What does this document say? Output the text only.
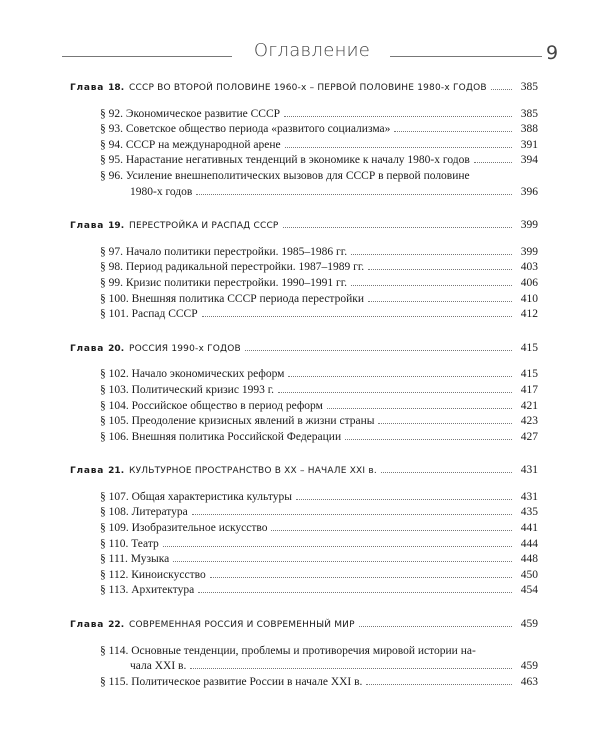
Оглавление	9
Глава 18. СССР ВО ВТОРОЙ ПОЛОВИНЕ 1960-х – ПЕРВОЙ ПОЛОВИНЕ 1980-х ГОДОВ	385
§ 92. Экономическое развитие СССР	385
§ 93. Советское общество периода «развитого социализма»	388
§ 94. СССР на международной арене	391
§ 95. Нарастание негативных тенденций в экономике к началу 1980-х годов	394
§ 96. Усиление внешнеполитических вызовов для СССР в первой половине
1980-х годов	396
Глава 19. ПЕРЕСТРОЙКА И РАСПАД СССР	399
§ 97. Начало политики перестройки. 1985–1986 гг.	399
§ 98. Период радикальной перестройки. 1987–1989 гг.	403
§ 99. Кризис политики перестройки. 1990–1991 гг.	406
§ 100. Внешняя политика СССР периода перестройки	410
§ 101. Распад СССР	412
Глава 20. РОССИЯ 1990-х ГОДОВ	415
§ 102. Начало экономических реформ	415
§ 103. Политический кризис 1993 г.	417
§ 104. Российское общество в период реформ	421
§ 105. Преодоление кризисных явлений в жизни страны	423
§ 106. Внешняя политика Российской Федерации	427
Глава 21. КУЛЬТУРНОЕ ПРОСТРАНСТВО В XX – НАЧАЛЕ XXI в.	431
§ 107. Общая характеристика культуры	431
§ 108. Литература	435
§ 109. Изобразительное искусство	441
§ 110. Театр	444
§ 111. Музыка	448
§ 112. Киноискусство	450
§ 113. Архитектура	454
Глава 22. СОВРЕМЕННАЯ РОССИЯ И СОВРЕМЕННЫЙ МИР	459
§ 114. Основные тенденции, проблемы и противоречия мировой истории на-
чала XXI в.	459
§ 115. Политическое развитие России в начале XXI в.	463
